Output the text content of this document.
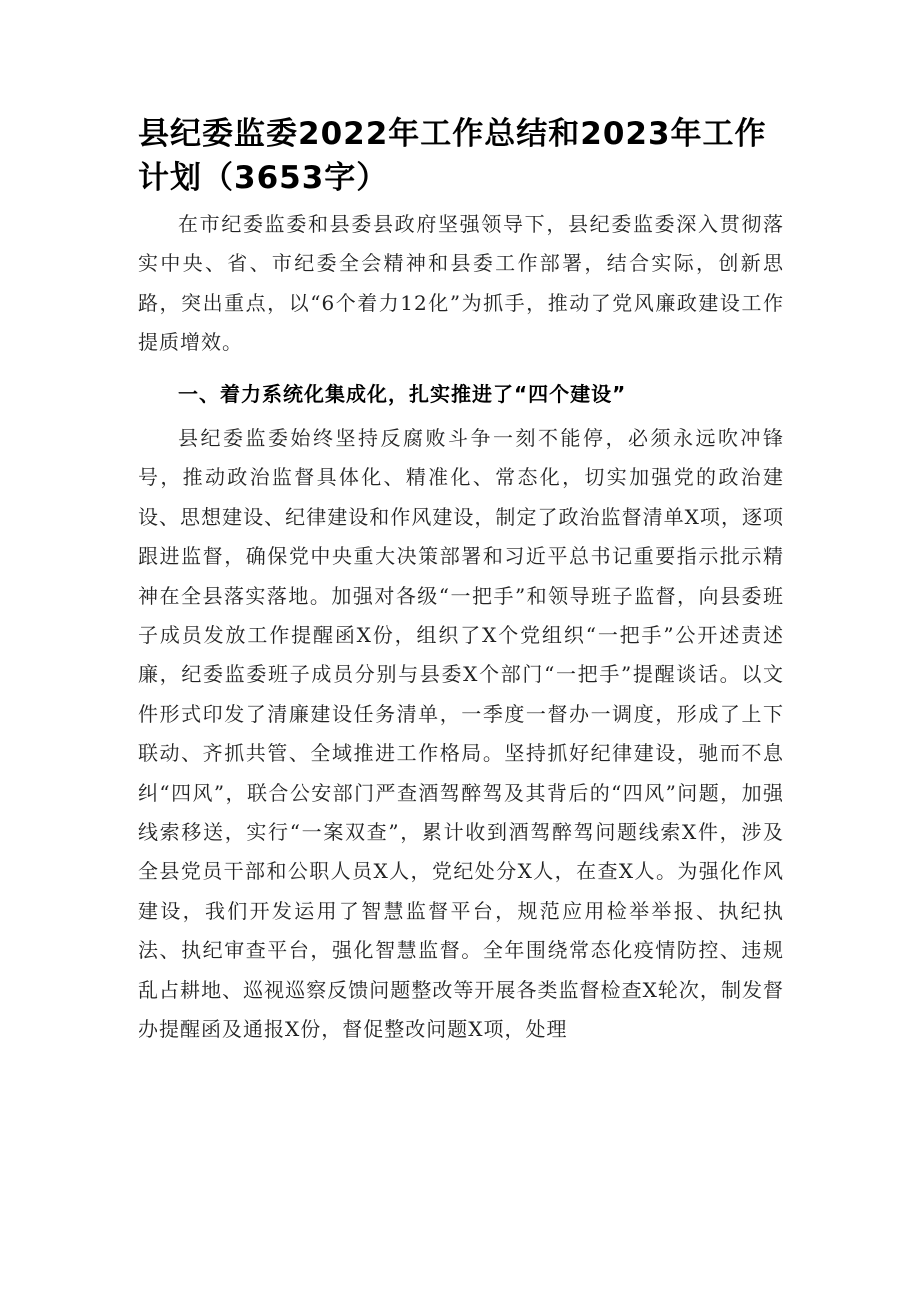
县纪委监委2022年工作总结和2023年工作计划（3653字）

在市纪委监委和县委县政府坚强领导下，县纪委监委深入贯彻落实中央、省、市纪委全会精神和县委工作部署，结合实际，创新思路，突出重点，以“6个着力12化”为抓手，推动了党风廉政建设工作提质增效。

一、着力系统化集成化，扎实推进了“四个建设”

县纪委监委始终坚持反腐败斗争一刻不能停，必须永远吹冲锋号，推动政治监督具体化、精准化、常态化，切实加强党的政治建设、思想建设、纪律建设和作风建设，制定了政治监督清单X项，逐项跟进监督，确保党中央重大决策部署和习近平总书记重要指示批示精神在全县落实落地。加强对各级“一把手”和领导班子监督，向县委班子成员发放工作提醒函X份，组织了X个党组织“一把手”公开述责述廉，纪委监委班子成员分别与县委X个部门“一把手”提醒谈话。以文件形式印发了清廉建设任务清单，一季度一督办一调度，形成了上下联动、齐抓共管、全域推进工作格局。坚持抓好纪律建设，驰而不息纠“四风”，联合公安部门严查酒驾醉驾及其背后的“四风”问题，加强线索移送，实行“一案双查”，累计收到酒驾醉驾问题线索X件，涉及全县党员干部和公职人员X人，党纪处分X人，在查X人。为强化作风建设，我们开发运用了智慧监督平台，规范应用检举举报、执纪执法、执纪审查平台，强化智慧监督。全年围绕常态化疫情防控、违规乱占耕地、巡视巡察反馈问题整改等开展各类监督检查X轮次，制发督办提醒函及通报X份，督促整改问题X项，处理
